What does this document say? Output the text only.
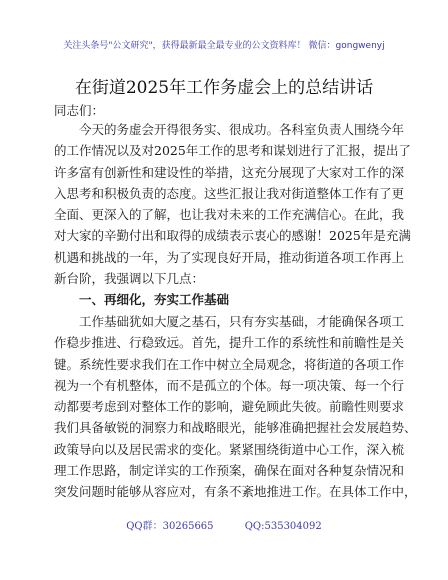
关注头条号"公文研究"，获得最新最全最专业的公文资料库！ 微信：gongwenyj
在街道2025年工作务虚会上的总结讲话
同志们：
今天的务虚会开得很务实、很成功。各科室负责人围绕今年
的工作情况以及对2025年工作的思考和谋划进行了汇报，提出了
许多富有创新性和建设性的举措，这充分展现了大家对工作的深
入思考和积极负责的态度。这些汇报让我对街道整体工作有了更
全面、更深入的了解，也让我对未来的工作充满信心。在此，我
对大家的辛勤付出和取得的成绩表示衷心的感谢！2025年是充满
机遇和挑战的一年，为了实现良好开局，推动街道各项工作再上
新台阶，我强调以下几点：
一、再细化，夯实工作基础
工作基础犹如大厦之基石，只有夯实基础，才能确保各项工
作稳步推进、行稳致远。首先，提升工作的系统性和前瞻性是关
键。系统性要求我们在工作中树立全局观念，将街道的各项工作
视为一个有机整体，而不是孤立的个体。每一项决策、每一个行
动都要考虑到对整体工作的影响，避免顾此失彼。前瞻性则要求
我们具备敏锐的洞察力和战略眼光，能够准确把握社会发展趋势、
政策导向以及居民需求的变化。紧紧围绕街道中心工作，深入梳
理工作思路，制定详实的工作预案，确保在面对各种复杂情况和
突发问题时能够从容应对，有条不紊地推进工作。在具体工作中，
QQ群：30265665	QQ:535304092
